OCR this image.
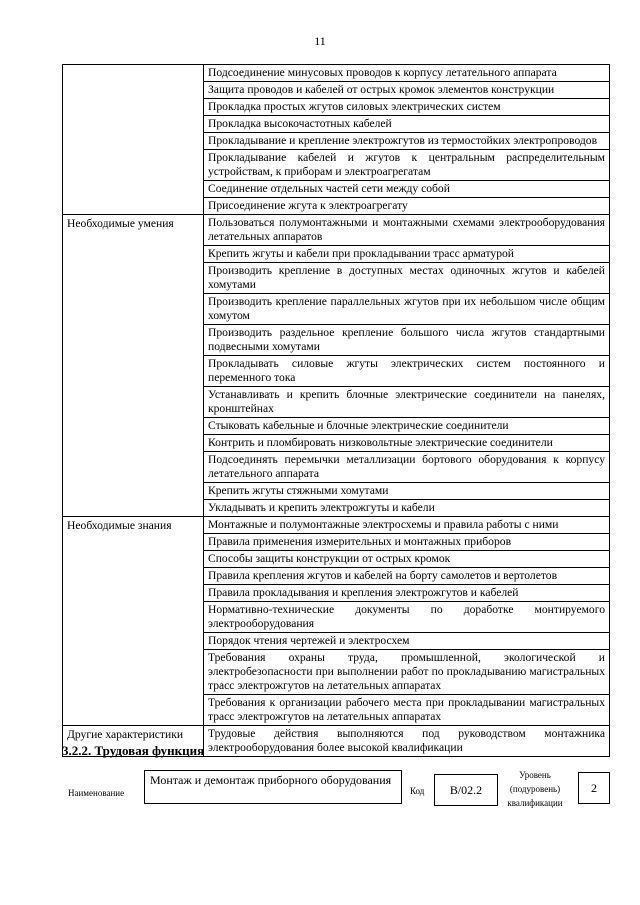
11
	Подсоединение минусовых проводов к корпусу летательного аппарата
	Защита проводов и кабелей от острых кромок элементов конструкции
	Прокладка простых жгутов силовых электрических систем
	Прокладка высокочастотных кабелей
	Прокладывание и крепление электрожгутов из термостойких электропроводов
	Прокладывание кабелей и жгутов к центральным распределительным устройствам, к приборам и электроагрегатам
	Соединение отдельных частей сети между собой
	Присоединение жгута к электроагрегату
Необходимые умения	Пользоваться полумонтажными и монтажными схемами электрооборудования летательных аппаратов
	Крепить жгуты и кабели при прокладывании трасс арматурой
	Производить крепление в доступных местах одиночных жгутов и кабелей хомутами
	Производить крепление параллельных жгутов при их небольшом числе общим хомутом
	Производить раздельное крепление большого числа жгутов стандартными подвесными хомутами
	Прокладывать силовые жгуты электрических систем постоянного и переменного тока
	Устанавливать и крепить блочные электрические соединители на панелях, кронштейнах
	Стыковать кабельные и блочные электрические соединители
	Контрить и пломбировать низковольтные электрические соединители
	Подсоединять перемычки металлизации бортового оборудования к корпусу летательного аппарата
	Крепить жгуты стяжными хомутами
	Укладывать и крепить электрожгуты и кабели
Необходимые знания	Монтажные и полумонтажные электросхемы и правила работы с ними
	Правила применения измерительных и монтажных приборов
	Способы защиты конструкции от острых кромок
	Правила крепления жгутов и кабелей на борту самолетов и вертолетов
	Правила прокладывания и крепления электрожгутов и кабелей
	Нормативно-технические документы по доработке монтируемого электрооборудования
	Порядок чтения чертежей и электросхем
	Требования охраны труда, промышленной, экологической и электробезопасности при выполнении работ по прокладыванию магистральных трасс электрожгутов на летательных аппаратах
	Требования к организации рабочего места при прокладывании магистральных трасс электрожгутов на летательных аппаратах
Другие характеристики	Трудовые действия выполняются под руководством монтажника электрооборудования более высокой квалификации
3.2.2. Трудовая функция
Наименование
Монтаж и демонтаж приборного оборудования
Код	B/02.2
Уровень (подуровень) квалификации
2
